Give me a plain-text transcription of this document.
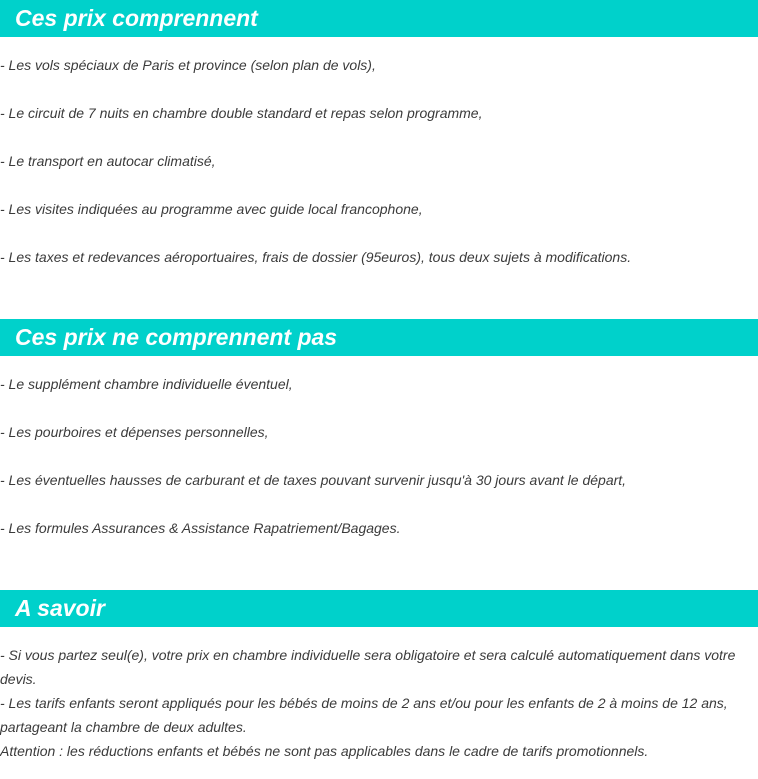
Ces prix comprennent
- Les vols spéciaux de Paris et province (selon plan de vols),
- Le circuit de 7 nuits en chambre double standard et repas selon programme,
- Le transport en autocar climatisé,
- Les visites indiquées au programme avec guide local francophone,
- Les taxes et redevances aéroportuaires, frais de dossier (95euros), tous deux sujets à modifications.
Ces prix ne comprennent pas
- Le supplément chambre individuelle éventuel,
- Les pourboires et dépenses personnelles,
- Les éventuelles hausses de carburant et de taxes pouvant survenir jusqu'à 30 jours avant le départ,
- Les formules Assurances & Assistance Rapatriement/Bagages.
A savoir

- Si vous partez seul(e), votre prix en chambre individuelle sera obligatoire et sera calculé automatiquement dans votre devis.

- Les tarifs enfants seront appliqués pour les bébés de moins de 2 ans et/ou pour les enfants de 2 à moins de 12 ans, partageant la chambre de deux adultes.

Attention : les réductions enfants et bébés ne sont pas applicables dans le cadre de tarifs promotionnels.
